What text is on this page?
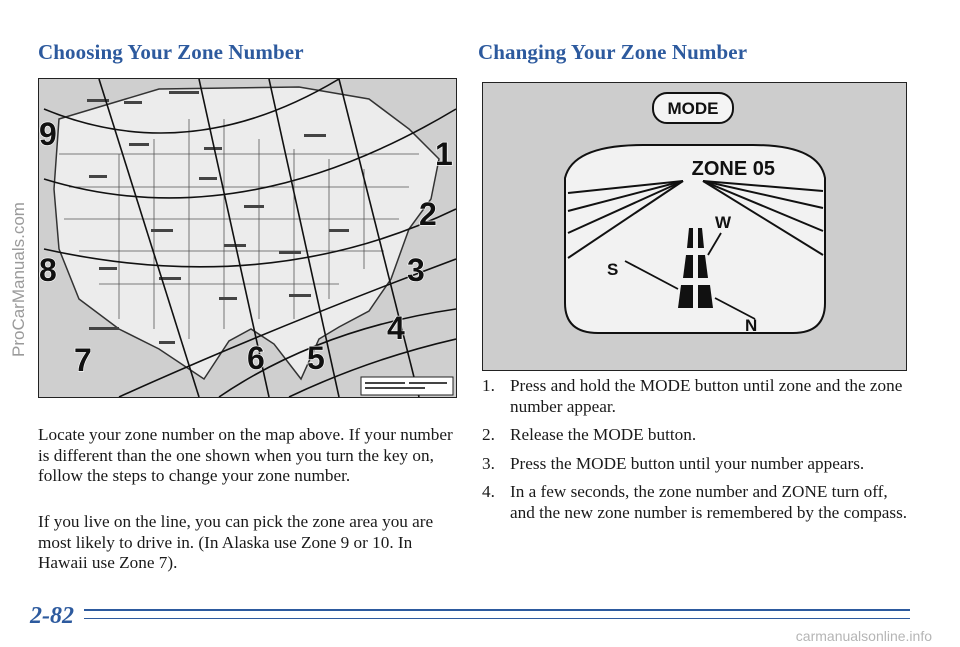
Choosing Your Zone Number	Changing Your Zone Number
9
1
2
8	3
4
7	6 5
MODE
ZONE 05
W
S
N

Locate your zone number on the map above. If your number is different than the one shown when you turn the key on, follow the steps to change your zone number.

If you live on the line, you can pick the zone area you are most likely to drive in. (In Alaska use Zone 9 or 10. In Hawaii use Zone 7).

1. Press and hold the MODE button until zone and the zone number appear.
2. Release the MODE button.
3. Press the MODE button until your number appears.
4. In a few seconds, the zone number and ZONE turn off, and the new zone number is remembered by the compass.
2-82
ProCarManuals.com
carmanualsonline.info
